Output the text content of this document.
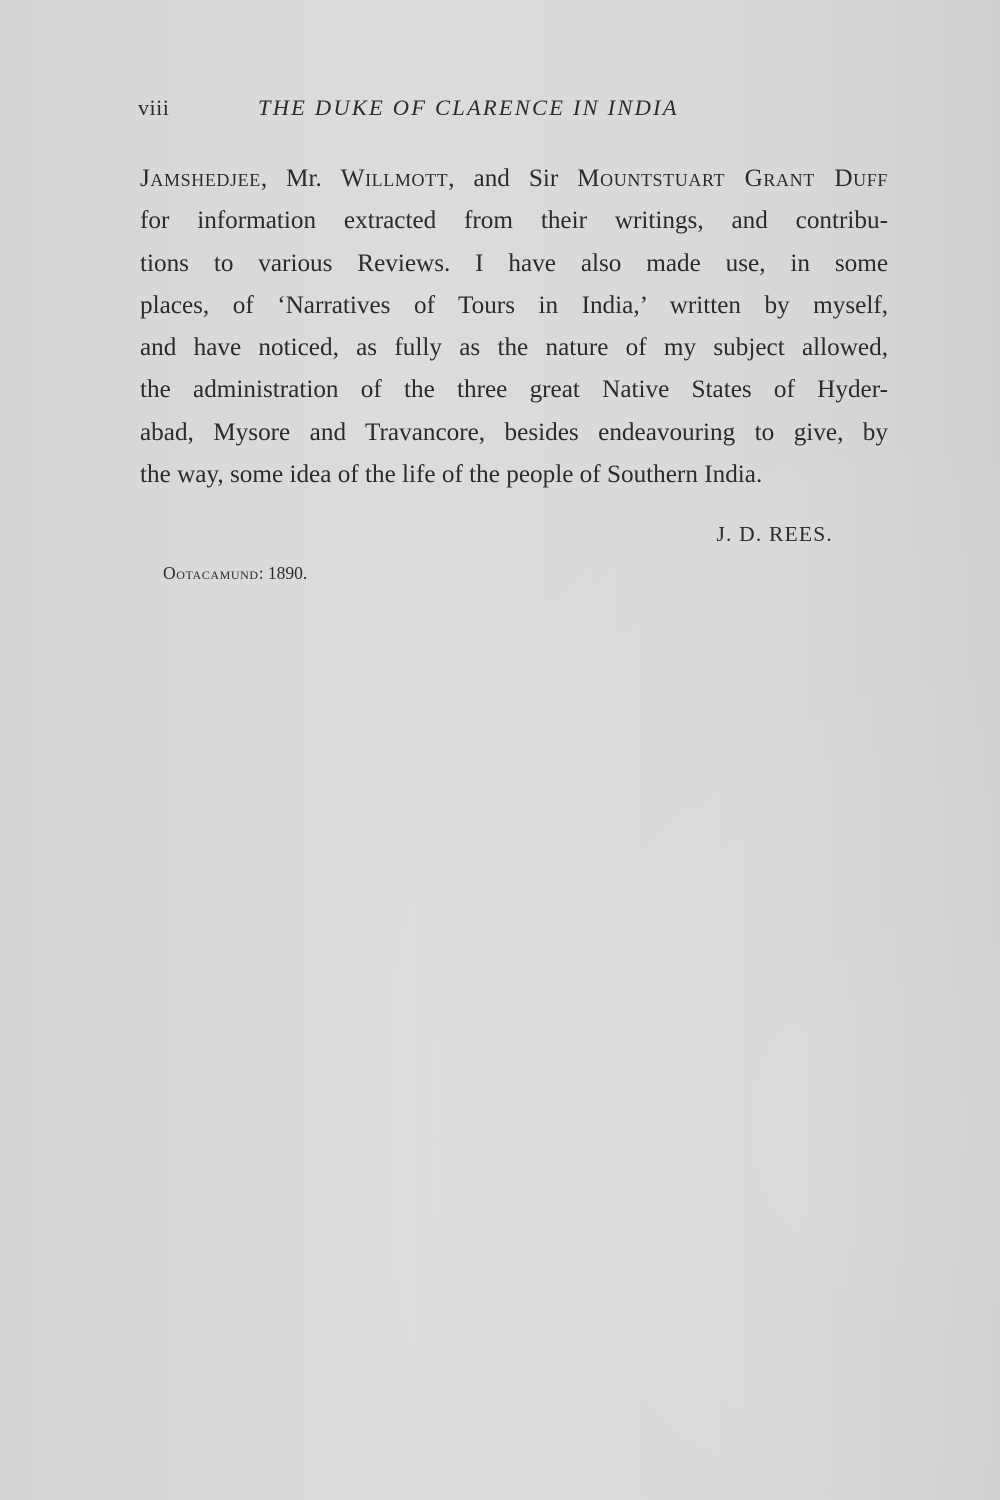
viii	THE DUKE OF CLARENCE IN INDIA
Jamshedjee, Mr. Willmott, and Sir Mountstuart Grant Duff
for information extracted from their writings, and contribu-
tions to various Reviews. I have also made use, in some
places, of ‘Narratives of Tours in India,’ written by myself,
and have noticed, as fully as the nature of my subject allowed,
the administration of the three great Native States of Hyder-
abad, Mysore and Travancore, besides endeavouring to give, by
the way, some idea of the life of the people of Southern India.
J. D. REES.
Ootacamund: 1890.
